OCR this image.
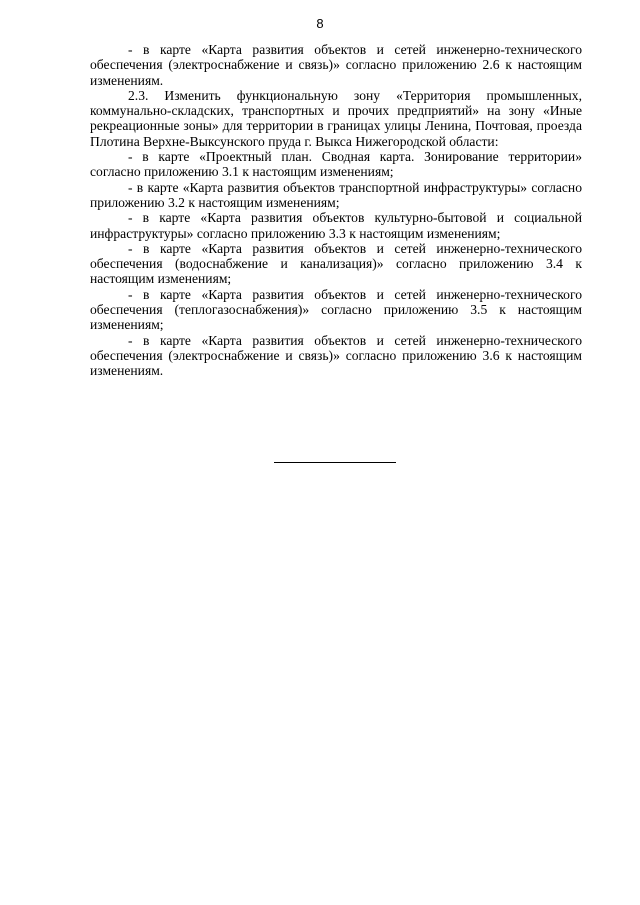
8

- в карте «Карта развития объектов и сетей инженерно-технического обеспечения (электроснабжение и связь)» согласно приложению 2.6 к настоящим изменениям.

2.3. Изменить функциональную зону «Территория промышленных, коммунально-складских, транспортных и прочих предприятий» на зону «Иные рекреационные зоны» для территории в границах улицы Ленина, Почтовая, проезда Плотина Верхне-Выксунского пруда г. Выкса Нижегородской области:

- в карте «Проектный план. Сводная карта. Зонирование территории» согласно приложению 3.1 к настоящим изменениям;

- в карте «Карта развития объектов транспортной инфраструктуры» согласно приложению 3.2 к настоящим изменениям;

- в карте «Карта развития объектов культурно-бытовой и социальной инфраструктуры» согласно приложению 3.3 к настоящим изменениям;

- в карте «Карта развития объектов и сетей инженерно-технического обеспечения (водоснабжение и канализация)» согласно приложению 3.4 к настоящим изменениям;

- в карте «Карта развития объектов и сетей инженерно-технического обеспечения (теплогазоснабжения)» согласно приложению 3.5 к настоящим изменениям;

- в карте «Карта развития объектов и сетей инженерно-технического обеспечения (электроснабжение и связь)» согласно приложению 3.6 к настоящим изменениям.
